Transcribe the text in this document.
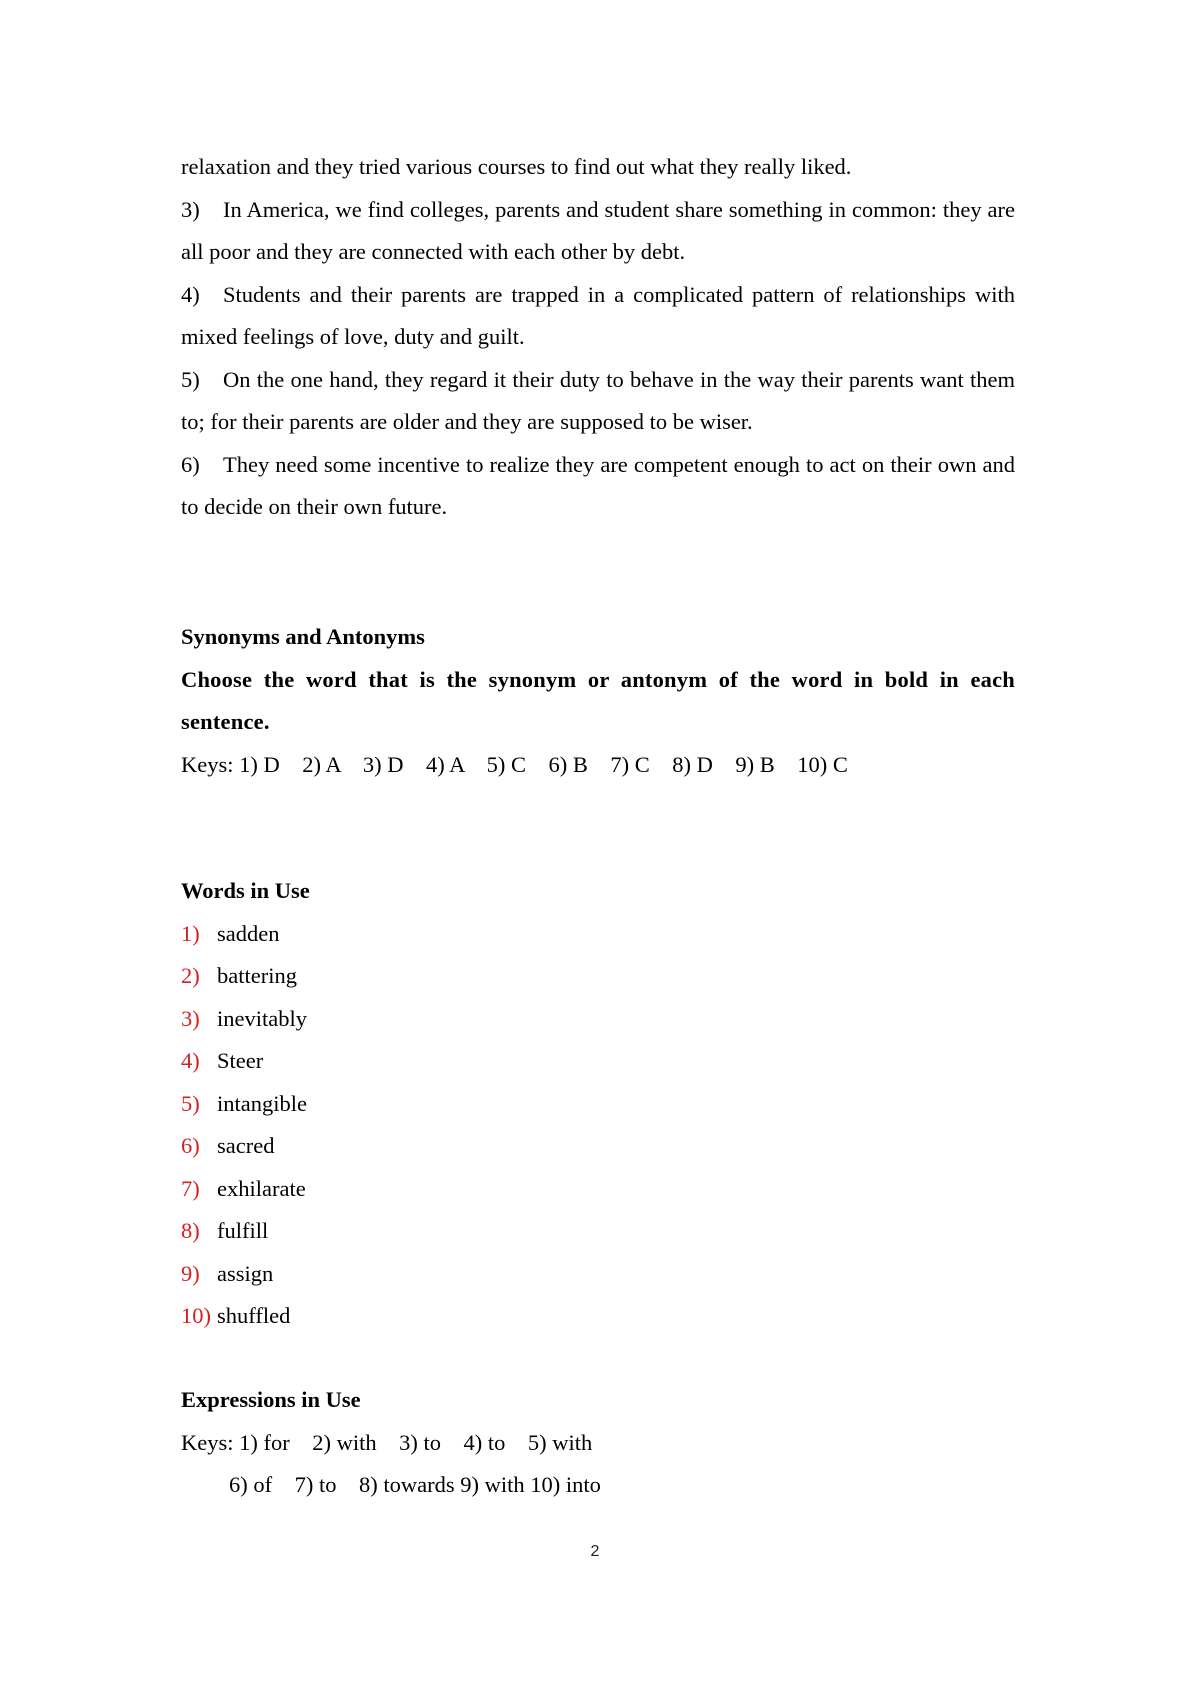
relaxation and they tried various courses to find out what they really liked.

3) In America, we find colleges, parents and student share something in common: they are all poor and they are connected with each other by debt.

4) Students and their parents are trapped in a complicated pattern of relationships with mixed feelings of love, duty and guilt.

5) On the one hand, they regard it their duty to behave in the way their parents want them to; for their parents are older and they are supposed to be wiser.

6) They need some incentive to realize they are competent enough to act on their own and to decide on their own future.

Synonyms and Antonyms

Choose the word that is the synonym or antonym of the word in bold in each sentence.

Keys: 1) D    2) A    3) D    4) A    5) C    6) B    7) C    8) D    9) B    10) C

Words in Use

1) sadden
2) battering
3) inevitably
4) Steer
5) intangible
6) sacred
7) exhilarate
8) fulfill
9) assign
10) shuffled

Expressions in Use

Keys: 1) for    2) with    3) to    4) to    5) with

6) of    7) to    8) towards 9) with 10) into

2
